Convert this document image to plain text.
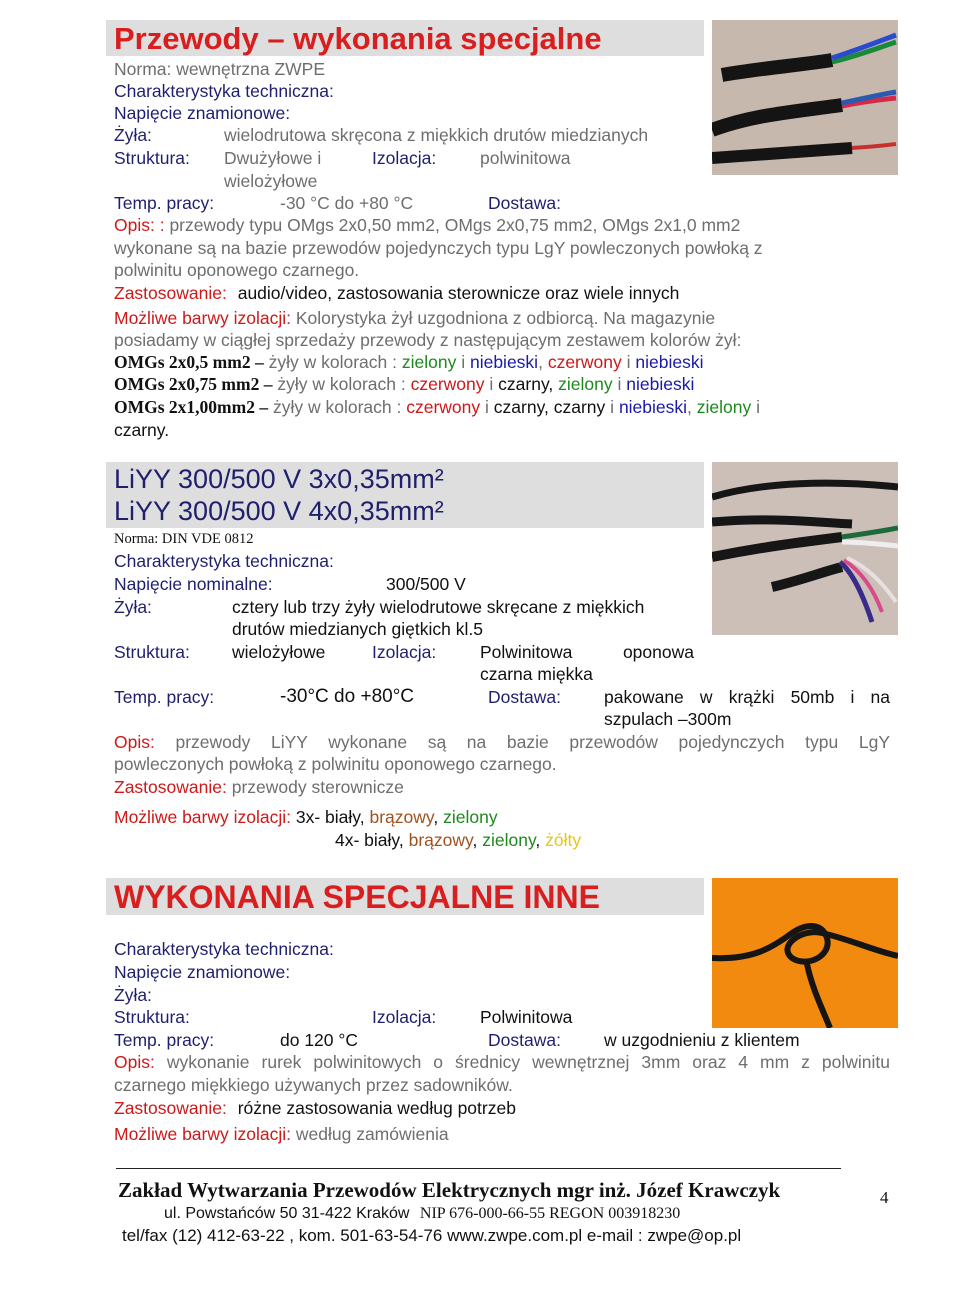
Przewody – wykonania specjalne
Norma: wewnętrzna ZWPE
Charakterystyka techniczna:
Napięcie znamionowe:
Żyła:	wielodrutowa skręcona z miękkich drutów miedzianych
Struktura: Dwużyłowe i	Izolacja:	polwinitowa
wielożyłowe
Temp. pracy:	-30 °C do +80 °C	Dostawa:
Opis: : przewody typu OMgs 2x0,50 mm2, OMgs 2x0,75 mm2, OMgs 2x1,0 mm2
wykonane są na bazie przewodów pojedynczych typu LgY powleczonych powłoką z
polwinitu oponowego czarnego.
Zastosowanie: audio/video, zastosowania sterownicze oraz wiele innych
Możliwe barwy izolacji: Kolorystyka żył uzgodniona z odbiorcą. Na magazynie
posiadamy w ciągłej sprzedaży przewody z następującym zestawem kolorów żył:
OMGs 2x0,5 mm2 – żyły w kolorach : zielony i niebieski, czerwony i niebieski
OMGs 2x0,75 mm2 – żyły w kolorach : czerwony i czarny, zielony i niebieski
OMGs 2x1,00mm2 – żyły w kolorach : czerwony i czarny, czarny i niebieski, zielony i
czarny.
LiYY 300/500 V 3x0,35mm²
LiYY 300/500 V 4x0,35mm²
Norma: DIN VDE 0812
Charakterystyka techniczna:
Napięcie nominalne:	300/500 V
Żyła:	cztery lub trzy żyły wielodrutowe skręcane z miękkich
drutów miedzianych giętkich kl.5
Struktura: wielożyłowe	Izolacja:	Polwinitowa oponowa
czarna miękka
Temp. pracy:	-30°C do +80°C	Dostawa: pakowane w krążki 50mb i na
szpulach –300m
Opis: przewody LiYY wykonane są na bazie przewodów pojedynczych typu LgY
powleczonych powłoką z polwinitu oponowego czarnego.
Zastosowanie: przewody sterownicze
Możliwe barwy izolacji: 3x- biały, brązowy, zielony
4x- biały, brązowy, zielony, żółty
WYKONANIA SPECJALNE INNE
Charakterystyka techniczna:
Napięcie znamionowe:
Żyła:
Struktura:	Izolacja:	Polwinitowa
Temp. pracy:	do 120 °C	Dostawa: w uzgodnieniu z klientem
Opis: wykonanie rurek polwinitowych o średnicy wewnętrznej 3mm oraz 4 mm z polwinitu
czarnego miękkiego używanych przez sadowników.
Zastosowanie: różne zastosowania według potrzeb
Możliwe barwy izolacji: według zamówienia
Zakład Wytwarzania Przewodów Elektrycznych mgr inż. Józef Krawczyk
ul. Powstańców 50 31-422 Kraków NIP 676-000-66-55 REGON 003918230
tel/fax (12) 412-63-22 , kom. 501-63-54-76 www.zwpe.com.pl e-mail : zwpe@op.pl
4
